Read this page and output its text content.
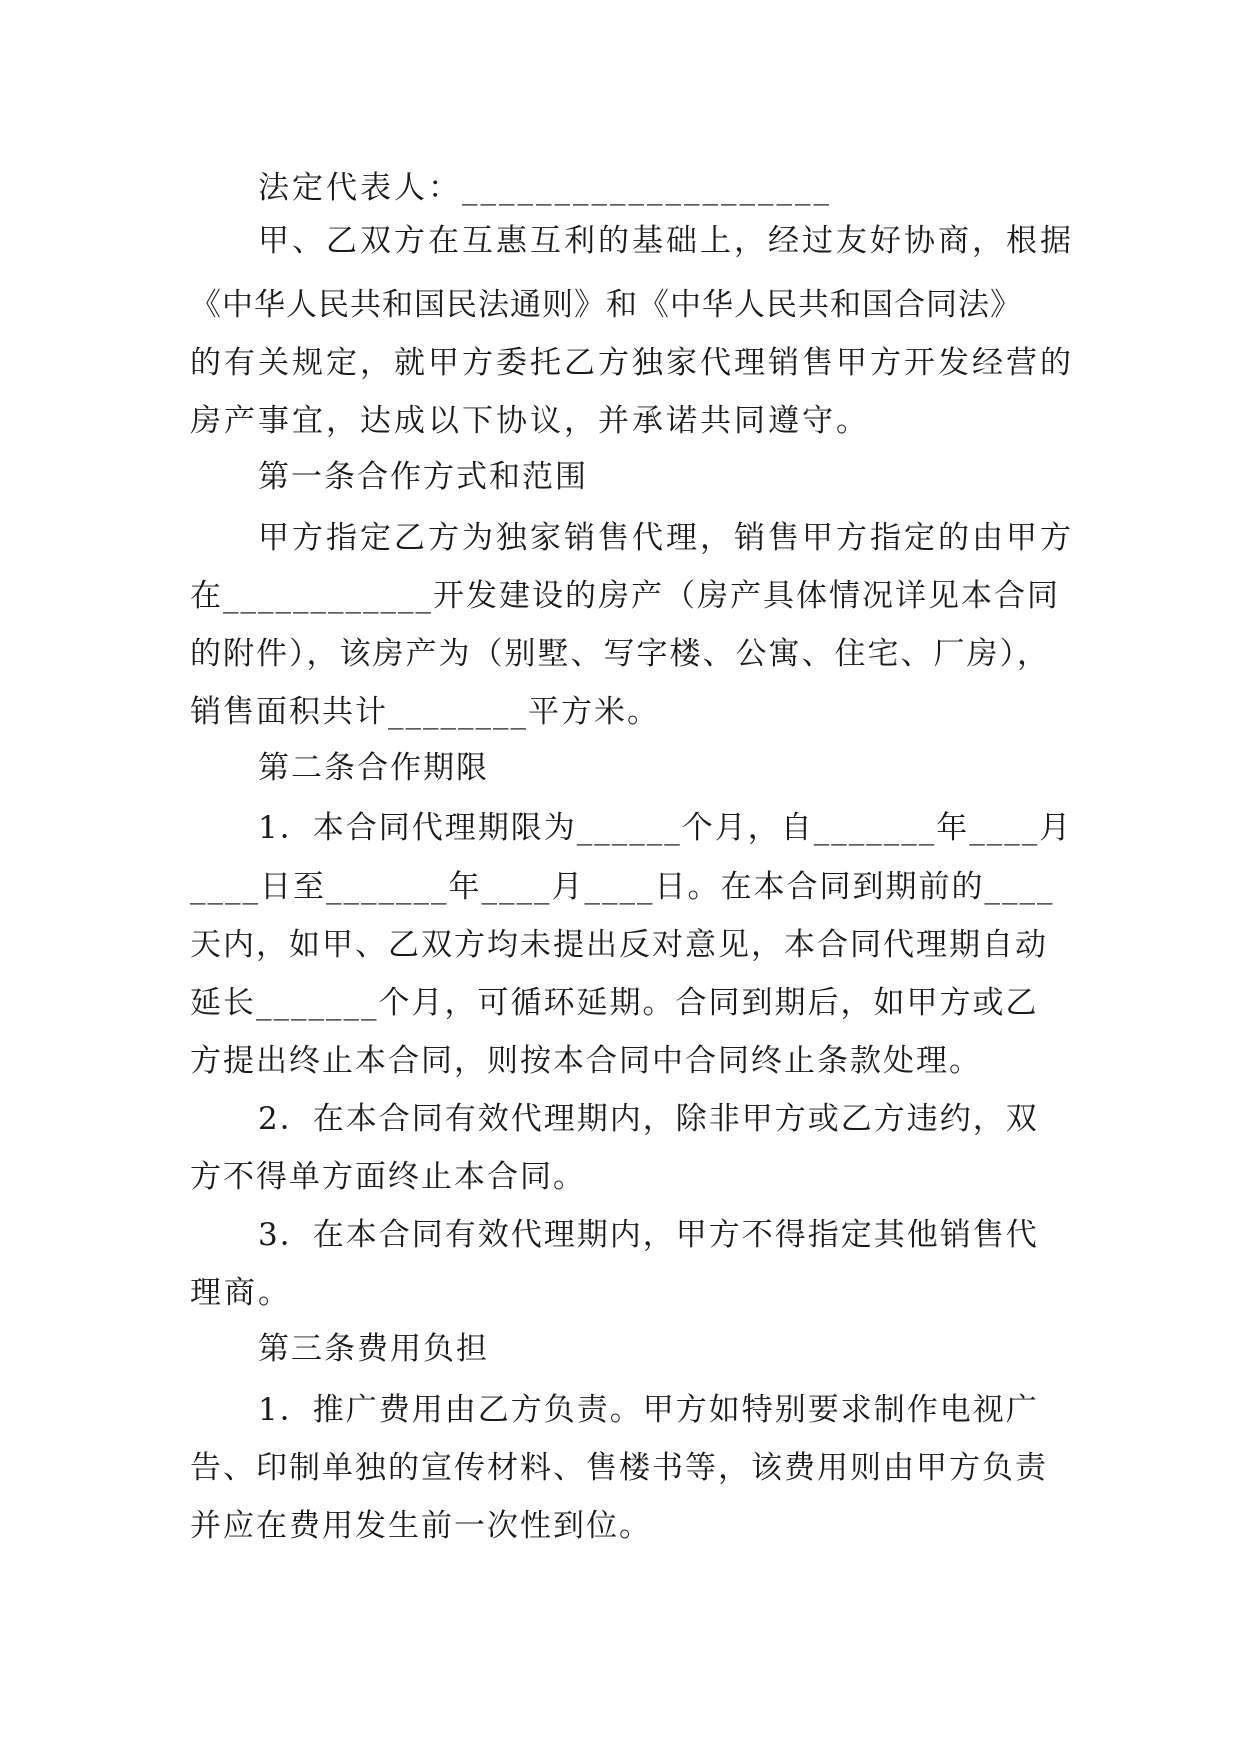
法定代表人：____________________

甲、乙双方在互惠互利的基础上，经过友好协商，根据

《中华人民共和国民法通则》和《中华人民共和国合同法》

的有关规定，就甲方委托乙方独家代理销售甲方开发经营的

房产事宜，达成以下协议，并承诺共同遵守。

第一条合作方式和范围

甲方指定乙方为独家销售代理，销售甲方指定的由甲方

在____________开发建设的房产（房产具体情况详见本合同

的附件），该房产为（别墅、写字楼、公寓、住宅、厂房），

销售面积共计________平方米。

第二条合作期限

1．本合同代理期限为______个月，自_______年____月

____日至_______年____月____日。在本合同到期前的____

天内，如甲、乙双方均未提出反对意见，本合同代理期自动

延长_______个月，可循环延期。合同到期后，如甲方或乙

方提出终止本合同，则按本合同中合同终止条款处理。

2．在本合同有效代理期内，除非甲方或乙方违约，双

方不得单方面终止本合同。

3．在本合同有效代理期内，甲方不得指定其他销售代

理商。

第三条费用负担

1．推广费用由乙方负责。甲方如特别要求制作电视广

告、印制单独的宣传材料、售楼书等，该费用则由甲方负责

并应在费用发生前一次性到位。
